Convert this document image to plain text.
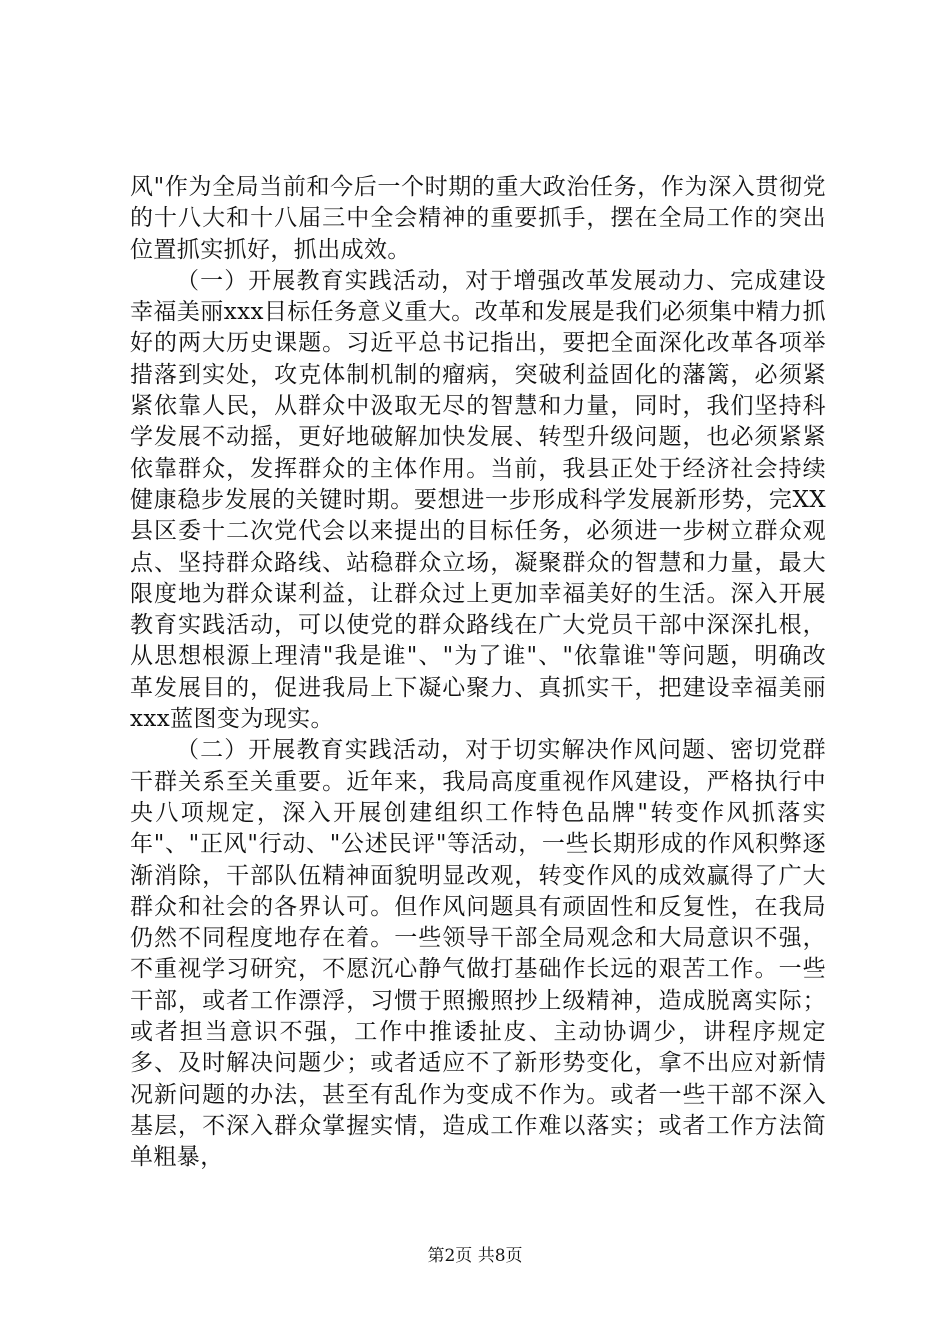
风"作为全局当前和今后一个时期的重大政治任务，作为深入贯彻党的十八大和十八届三中全会精神的重要抓手，摆在全局工作的突出位置抓实抓好，抓出成效。

（一）开展教育实践活动，对于增强改革发展动力、完成建设幸福美丽xxx目标任务意义重大。改革和发展是我们必须集中精力抓好的两大历史课题。习近平总书记指出，要把全面深化改革各项举措落到实处，攻克体制机制的瘤病，突破利益固化的藩篱，必须紧紧依靠人民，从群众中汲取无尽的智慧和力量，同时，我们坚持科学发展不动摇，更好地破解加快发展、转型升级问题，也必须紧紧依靠群众，发挥群众的主体作用。当前，我县正处于经济社会持续健康稳步发展的关键时期。要想进一步形成科学发展新形势，完XX县区委十二次党代会以来提出的目标任务，必须进一步树立群众观点、坚持群众路线、站稳群众立场，凝聚群众的智慧和力量，最大限度地为群众谋利益，让群众过上更加幸福美好的生活。深入开展教育实践活动，可以使党的群众路线在广大党员干部中深深扎根，从思想根源上理清"我是谁"、"为了谁"、"依靠谁"等问题，明确改革发展目的，促进我局上下凝心聚力、真抓实干，把建设幸福美丽xxx蓝图变为现实。

（二）开展教育实践活动，对于切实解决作风问题、密切党群干群关系至关重要。近年来，我局高度重视作风建设，严格执行中央八项规定，深入开展创建组织工作特色品牌"转变作风抓落实年"、"正风"行动、"公述民评"等活动，一些长期形成的作风积弊逐渐消除，干部队伍精神面貌明显改观，转变作风的成效赢得了广大群众和社会的各界认可。但作风问题具有顽固性和反复性，在我局仍然不同程度地存在着。一些领导干部全局观念和大局意识不强，不重视学习研究，不愿沉心静气做打基础作长远的艰苦工作。一些干部，或者工作漂浮，习惯于照搬照抄上级精神，造成脱离实际；或者担当意识不强，工作中推诿扯皮、主动协调少，讲程序规定多、及时解决问题少；或者适应不了新形势变化，拿不出应对新情况新问题的办法，甚至有乱作为变成不作为。或者一些干部不深入基层，不深入群众掌握实情，造成工作难以落实；或者工作方法简单粗暴，

第2页 共8页
